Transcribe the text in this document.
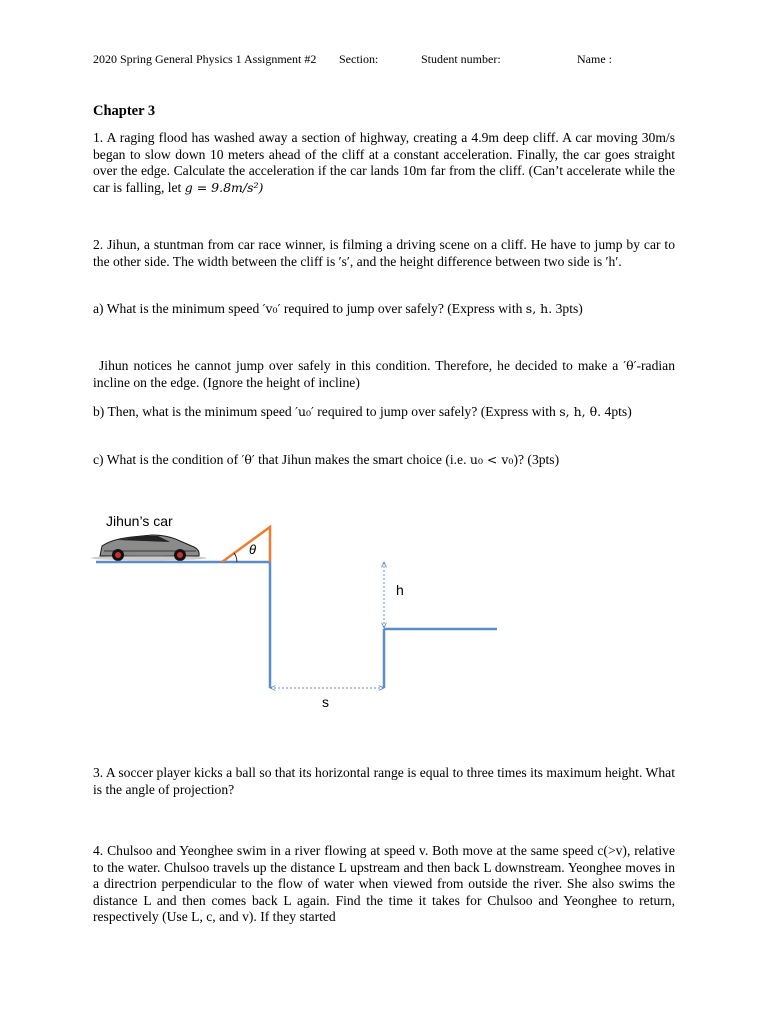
2020 Spring General Physics 1 Assignment #2 Section:	Student number:	Name :
Chapter 3

1. A raging flood has washed away a section of highway, creating a 4.9m deep cliff. A car moving 30m/s began to slow down 10 meters ahead of the cliff at a constant acceleration. Finally, the car goes straight over the edge. Calculate the acceleration if the car lands 10m far from the cliff. (Can’t accelerate while the car is falling, let g = 9.8m/s²)

2. Jihun, a stuntman from car race winner, is filming a driving scene on a cliff. He have to jump by car to the other side. The width between the cliff is ′s′, and the height difference between two side is ′h′.
a) What is the minimum speed ′v₀′ required to jump over safely? (Express with s, h. 3pts)
Jihun notices he cannot jump over safely in this condition. Therefore, he decided to make a ′θ′-radian incline on the edge. (Ignore the height of incline)
b) Then, what is the minimum speed ′u₀′ required to jump over safely? (Express with s, h, θ. 4pts)
c) What is the condition of ′θ′ that Jihun makes the smart choice (i.e. u₀ < v₀)? (3pts)
Jihun’s car
θ
h
s
3. A soccer player kicks a ball so that its horizontal range is equal to three times its maximum height. What is the angle of projection?
4. Chulsoo and Yeonghee swim in a river flowing at speed v. Both move at the same speed c(>v), relative to the water. Chulsoo travels up the distance L upstream and then back L downstream. Yeonghee moves in a directrion perpendicular to the flow of water when viewed from outside the river. She also swims the distance L and then comes back L again. Find the time it takes for Chulsoo and Yeonghee to return, respectively (Use L, c, and v). If they started
